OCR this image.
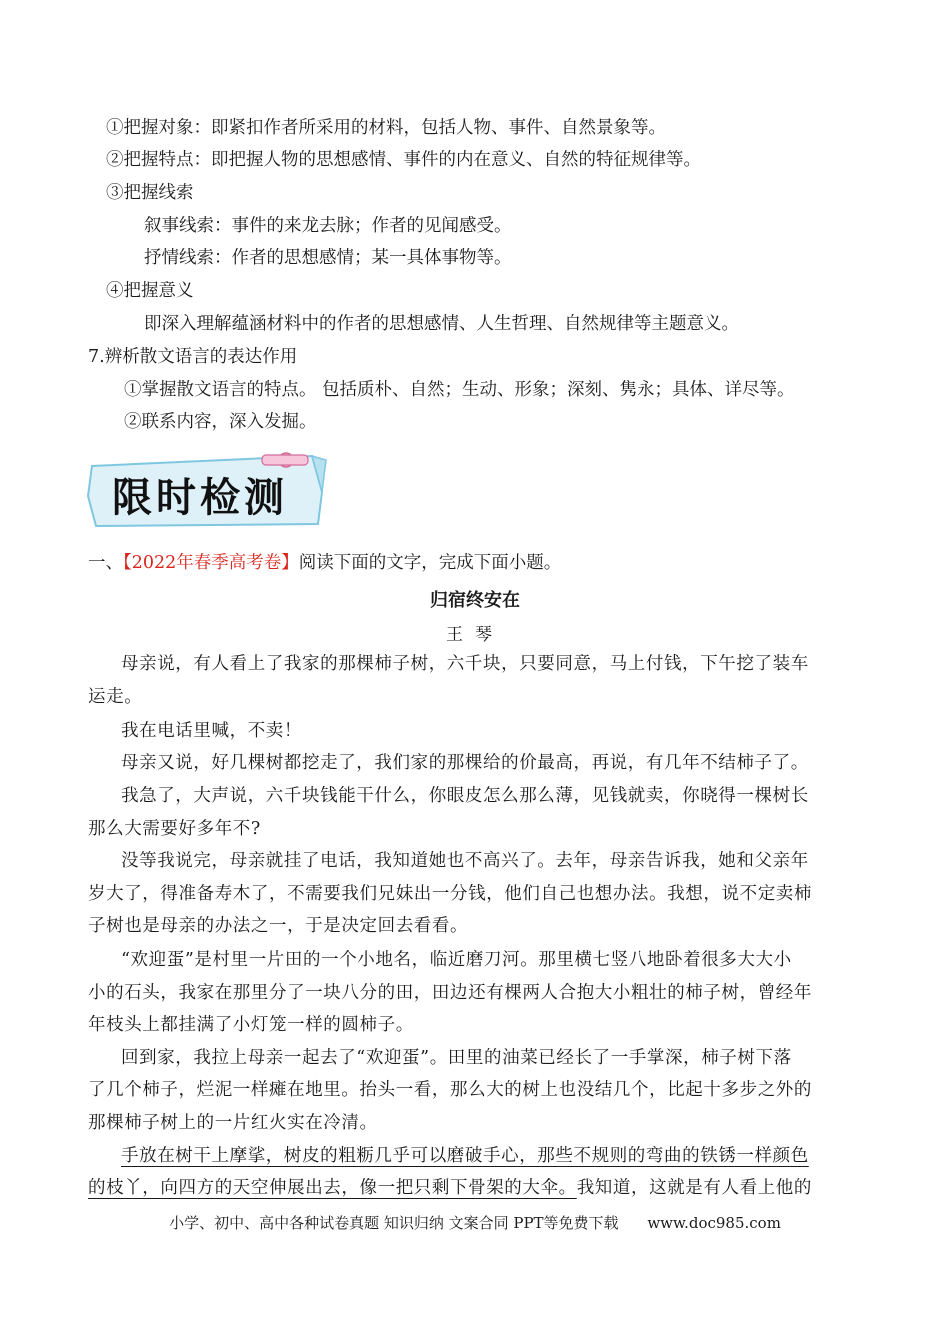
①把握对象：即紧扣作者所采用的材料，包括人物、事件、自然景象等。
②把握特点：即把握人物的思想感情、事件的内在意义、自然的特征规律等。
③把握线索
叙事线索：事件的来龙去脉；作者的见闻感受。
抒情线索：作者的思想感情；某一具体事物等。
④把握意义
即深入理解蕴涵材料中的作者的思想感情、人生哲理、自然规律等主题意义。
7.辨析散文语言的表达作用
①掌握散文语言的特点。 包括质朴、自然；生动、形象；深刻、隽永；具体、详尽等。
②联系内容，深入发掘。
限时检测
一、【2022年春季高考卷】阅读下面的文字，完成下面小题。
归宿终安在
王琴
母亲说，有人看上了我家的那棵柿子树，六千块，只要同意，马上付钱，下午挖了装车
运走。
我在电话里喊，不卖！
母亲又说，好几棵树都挖走了，我们家的那棵给的价最高，再说，有几年不结柿子了。
我急了，大声说，六千块钱能干什么，你眼皮怎么那么薄，见钱就卖，你晓得一棵树长
那么大需要好多年不?
没等我说完，母亲就挂了电话，我知道她也不高兴了。去年，母亲告诉我，她和父亲年
岁大了，得准备寿木了，不需要我们兄妹出一分钱，他们自己也想办法。我想，说不定卖柿
子树也是母亲的办法之一，于是决定回去看看。
“欢迎蛋”是村里一片田的一个小地名，临近磨刀河。那里横七竖八地卧着很多大大小
小的石头，我家在那里分了一块八分的田，田边还有棵两人合抱大小粗壮的柿子树，曾经年
年枝头上都挂满了小灯笼一样的圆柿子。
回到家，我拉上母亲一起去了“欢迎蛋”。田里的油菜已经长了一手掌深，柿子树下落
了几个柿子，烂泥一样瘫在地里。抬头一看，那么大的树上也没结几个，比起十多步之外的
那棵柿子树上的一片红火实在冷清。
手放在树干上摩挲，树皮的粗粝几乎可以磨破手心，那些不规则的弯曲的铁锈一样颜色
的枝丫，向四方的天空伸展出去，像一把只剩下骨架的大伞。我知道，这就是有人看上他的
小学、初中、高中各种试卷真题 知识归纳 文案合同 PPT等免费下载 www.doc985.com
